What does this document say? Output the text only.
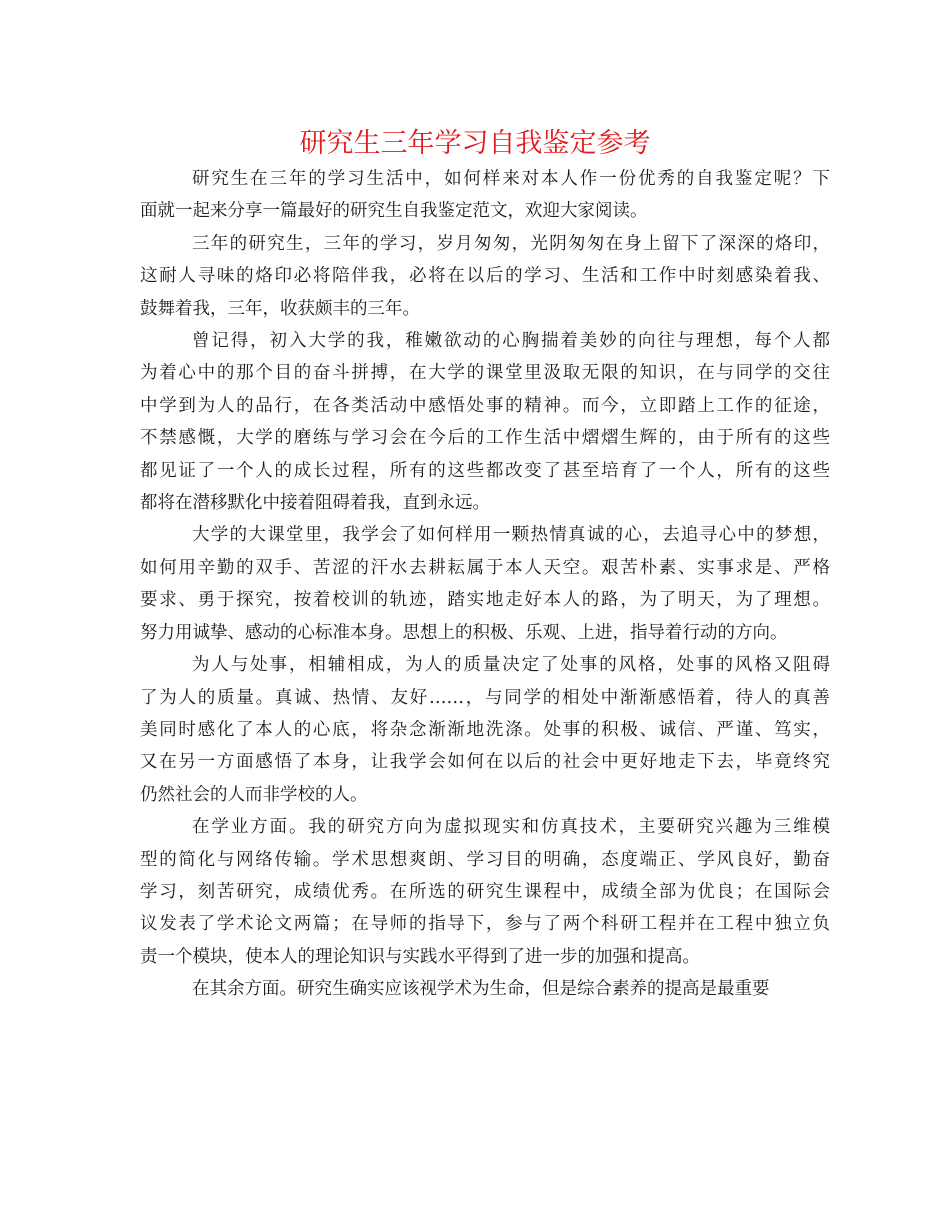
研究生三年学习自我鉴定参考
研究生在三年的学习生活中，如何样来对本人作一份优秀的自我鉴定呢？下
面就一起来分享一篇最好的研究生自我鉴定范文，欢迎大家阅读。
三年的研究生，三年的学习，岁月匆匆，光阴匆匆在身上留下了深深的烙印，
这耐人寻味的烙印必将陪伴我，必将在以后的学习、生活和工作中时刻感染着我、
鼓舞着我，三年，收获颇丰的三年。
曾记得，初入大学的我，稚嫩欲动的心胸揣着美妙的向往与理想，每个人都
为着心中的那个目的奋斗拼搏，在大学的课堂里汲取无限的知识，在与同学的交往
中学到为人的品行，在各类活动中感悟处事的精神。而今，立即踏上工作的征途，
不禁感慨，大学的磨练与学习会在今后的工作生活中熠熠生辉的，由于所有的这些
都见证了一个人的成长过程，所有的这些都改变了甚至培育了一个人，所有的这些
都将在潜移默化中接着阻碍着我，直到永远。
大学的大课堂里，我学会了如何样用一颗热情真诚的心，去追寻心中的梦想，
如何用辛勤的双手、苦涩的汗水去耕耘属于本人天空。艰苦朴素、实事求是、严格
要求、勇于探究，按着校训的轨迹，踏实地走好本人的路，为了明天，为了理想。
努力用诚挚、感动的心标准本身。思想上的积极、乐观、上进，指导着行动的方向。
为人与处事，相辅相成，为人的质量决定了处事的风格，处事的风格又阻碍
了为人的质量。真诚、热情、友好……，与同学的相处中渐渐感悟着，待人的真善
美同时感化了本人的心底，将杂念渐渐地洗涤。处事的积极、诚信、严谨、笃实，
又在另一方面感悟了本身，让我学会如何在以后的社会中更好地走下去，毕竟终究
仍然社会的人而非学校的人。
在学业方面。我的研究方向为虚拟现实和仿真技术，主要研究兴趣为三维模
型的简化与网络传输。学术思想爽朗、学习目的明确，态度端正、学风良好，勤奋
学习，刻苦研究，成绩优秀。在所选的研究生课程中，成绩全部为优良；在国际会
议发表了学术论文两篇；在导师的指导下，参与了两个科研工程并在工程中独立负
责一个模块，使本人的理论知识与实践水平得到了进一步的加强和提高。
在其余方面。研究生确实应该视学术为生命，但是综合素养的提高是最重要
